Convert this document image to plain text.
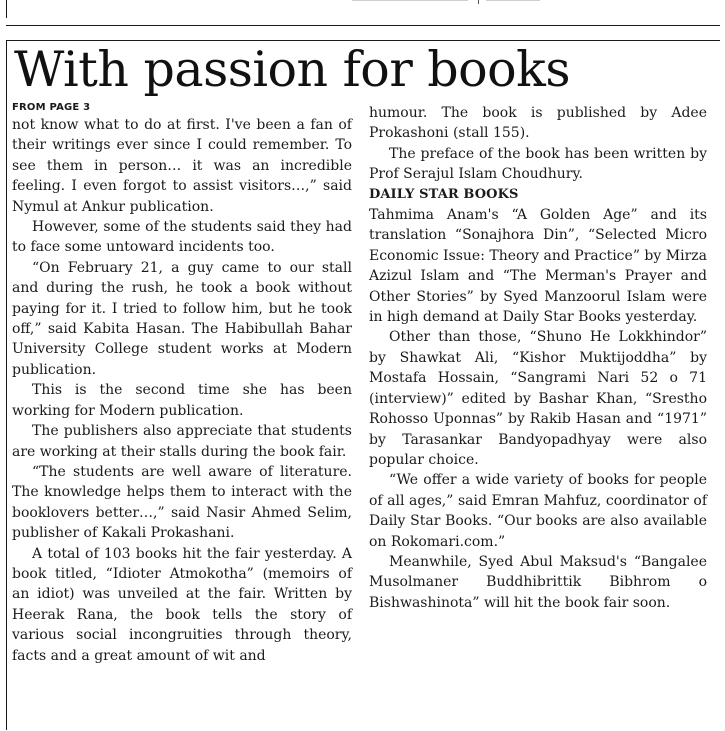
With passion for books
FROM PAGE 3

not know what to do at first. I've been a fan of their writings ever since I could remember. To see them in person… it was an incredible feeling. I even forgot to assist visitors…,” said Nymul at Ankur publication.

However, some of the students said they had to face some untoward incidents too.

“On February 21, a guy came to our stall and during the rush, he took a book without paying for it. I tried to follow him, but he took off,” said Kabita Hasan. The Habibullah Bahar University College student works at Modern publication.

This is the second time she has been working for Modern publication.

The publishers also appreciate that students are working at their stalls during the book fair.

“The students are well aware of literature. The knowledge helps them to interact with the booklovers better…,” said Nasir Ahmed Selim, publisher of Kakali Prokashani.

A total of 103 books hit the fair yesterday. A book titled, “Idioter Atmokotha” (memoirs of an idiot) was unveiled at the fair. Written by Heerak Rana, the book tells the story of various social incongruities through theory, facts and a great amount of wit and

humour. The book is published by Adee Prokashoni (stall 155).

The preface of the book has been written by Prof Serajul Islam Choudhury.

DAILY STAR BOOKS

Tahmima Anam's “A Golden Age” and its translation “Sonajhora Din”, “Selected Micro Economic Issue: Theory and Practice” by Mirza Azizul Islam and “The Merman's Prayer and Other Stories” by Syed Manzoorul Islam were in high demand at Daily Star Books yesterday.

Other than those, “Shuno He Lokkhindor” by Shawkat Ali, “Kishor Muktijoddha” by Mostafa Hossain, “Sangrami Nari 52 o 71 (interview)” edited by Bashar Khan, “Srestho Rohosso Uponnas” by Rakib Hasan and “1971” by Tarasankar Bandyopadhyay were also popular choice.

“We offer a wide variety of books for people of all ages,” said Emran Mahfuz, coordinator of Daily Star Books. “Our books are also available on Rokomari.com.”

Meanwhile, Syed Abul Maksud's “Bangalee Musolmaner Buddhibrittik Bibhrom o Bishwashinota” will hit the book fair soon.
